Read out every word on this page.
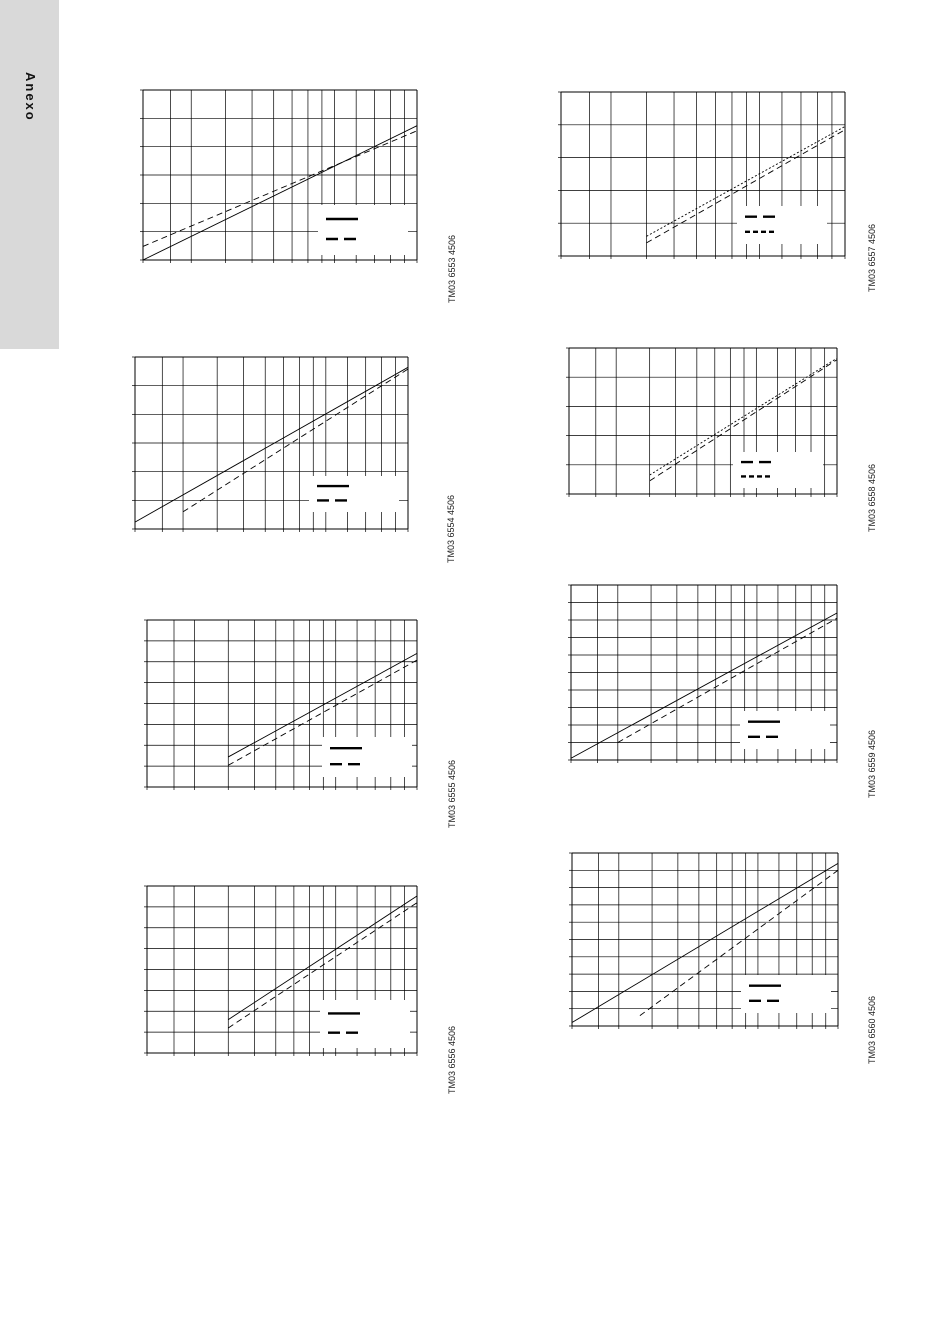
Anexo
TM03 6553 4506	TM03 6557 4506
TM03 6554 4506	TM03 6558 4506
TM03 6559 4506
TM03 6555 4506
TM03 6560 4506
TM03 6556 4506
